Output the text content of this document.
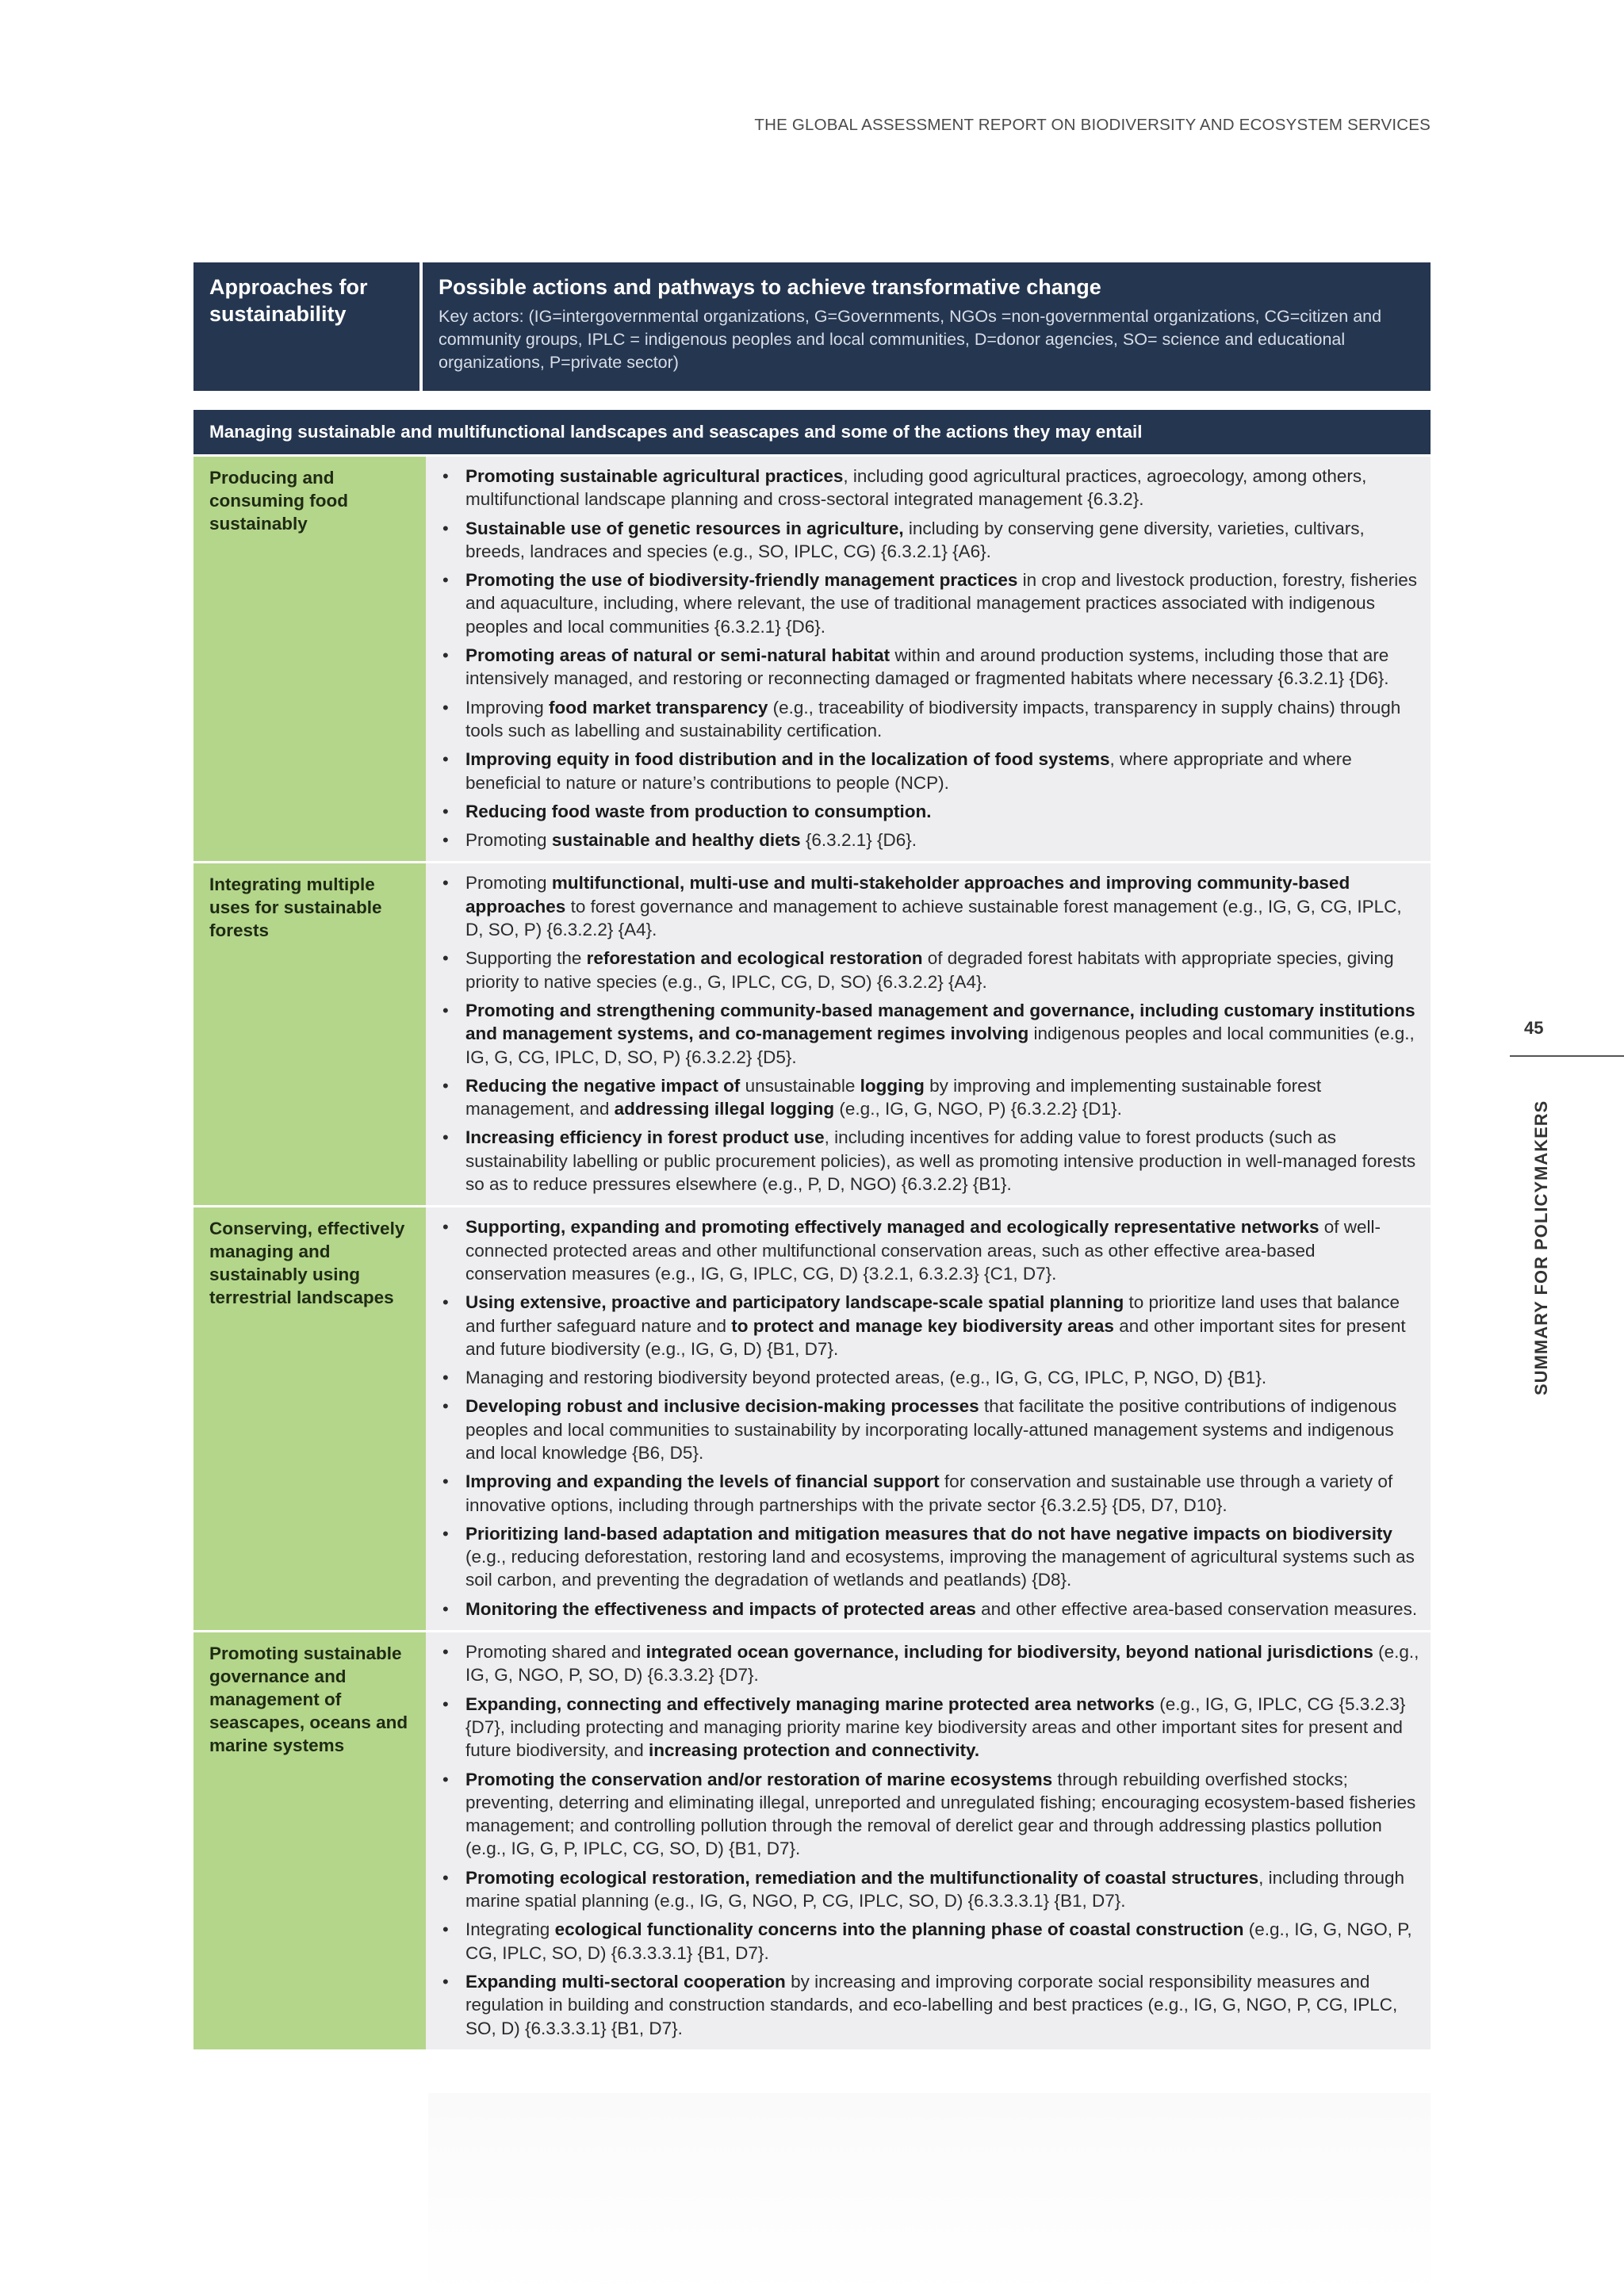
THE GLOBAL ASSESSMENT REPORT ON BIODIVERSITY AND ECOSYSTEM SERVICES
Approaches for sustainability
Possible actions and pathways to achieve transformative change
Key actors: (IG=intergovernmental organizations, G=Governments, NGOs =non-governmental organizations, CG=citizen and community groups, IPLC = indigenous peoples and local communities, D=donor agencies, SO= science and educational organizations, P=private sector)
Managing sustainable and multifunctional landscapes and seascapes and some of the actions they may entail
Producing and consuming food sustainably
• Promoting sustainable agricultural practices, including good agricultural practices, agroecology, among others, multifunctional landscape planning and cross-sectoral integrated management {6.3.2}.
• Sustainable use of genetic resources in agriculture, including by conserving gene diversity, varieties, cultivars, breeds, landraces and species (e.g., SO, IPLC, CG) {6.3.2.1} {A6}.
• Promoting the use of biodiversity-friendly management practices in crop and livestock production, forestry, fisheries and aquaculture, including, where relevant, the use of traditional management practices associated with indigenous peoples and local communities {6.3.2.1} {D6}.
• Promoting areas of natural or semi-natural habitat within and around production systems, including those that are intensively managed, and restoring or reconnecting damaged or fragmented habitats where necessary {6.3.2.1} {D6}.
• Improving food market transparency (e.g., traceability of biodiversity impacts, transparency in supply chains) through tools such as labelling and sustainability certification.
• Improving equity in food distribution and in the localization of food systems, where appropriate and where beneficial to nature or nature’s contributions to people (NCP).
• Reducing food waste from production to consumption.
• Promoting sustainable and healthy diets {6.3.2.1} {D6}.
Integrating multiple uses for sustainable forests
• Promoting multifunctional, multi-use and multi-stakeholder approaches and improving community-based approaches to forest governance and management to achieve sustainable forest management (e.g., IG, G, CG, IPLC, D, SO, P) {6.3.2.2} {A4}.
• Supporting the reforestation and ecological restoration of degraded forest habitats with appropriate species, giving priority to native species (e.g., G, IPLC, CG, D, SO) {6.3.2.2} {A4}.
• Promoting and strengthening community-based management and governance, including customary institutions and management systems, and co-management regimes involving indigenous peoples and local communities (e.g., IG, G, CG, IPLC, D, SO, P) {6.3.2.2} {D5}.
• Reducing the negative impact of unsustainable logging by improving and implementing sustainable forest management, and addressing illegal logging (e.g., IG, G, NGO, P) {6.3.2.2} {D1}.
• Increasing efficiency in forest product use, including incentives for adding value to forest products (such as sustainability labelling or public procurement policies), as well as promoting intensive production in well-managed forests so as to reduce pressures elsewhere (e.g., P, D, NGO) {6.3.2.2} {B1}.
Conserving, effectively managing and sustainably using terrestrial landscapes
• Supporting, expanding and promoting effectively managed and ecologically representative networks of well-connected protected areas and other multifunctional conservation areas, such as other effective area-based conservation measures (e.g., IG, G, IPLC, CG, D) {3.2.1, 6.3.2.3} {C1, D7}.
• Using extensive, proactive and participatory landscape-scale spatial planning to prioritize land uses that balance and further safeguard nature and to protect and manage key biodiversity areas and other important sites for present and future biodiversity (e.g., IG, G, D) {B1, D7}.
• Managing and restoring biodiversity beyond protected areas, (e.g., IG, G, CG, IPLC, P, NGO, D) {B1}.
• Developing robust and inclusive decision-making processes that facilitate the positive contributions of indigenous peoples and local communities to sustainability by incorporating locally-attuned management systems and indigenous and local knowledge {B6, D5}.
• Improving and expanding the levels of financial support for conservation and sustainable use through a variety of innovative options, including through partnerships with the private sector {6.3.2.5} {D5, D7, D10}.
• Prioritizing land-based adaptation and mitigation measures that do not have negative impacts on biodiversity (e.g., reducing deforestation, restoring land and ecosystems, improving the management of agricultural systems such as soil carbon, and preventing the degradation of wetlands and peatlands) {D8}.
• Monitoring the effectiveness and impacts of protected areas and other effective area-based conservation measures.
Promoting sustainable governance and management of seascapes, oceans and marine systems
• Promoting shared and integrated ocean governance, including for biodiversity, beyond national jurisdictions (e.g., IG, G, NGO, P, SO, D) {6.3.3.2} {D7}.
• Expanding, connecting and effectively managing marine protected area networks (e.g., IG, G, IPLC, CG {5.3.2.3} {D7}, including protecting and managing priority marine key biodiversity areas and other important sites for present and future biodiversity, and increasing protection and connectivity.
• Promoting the conservation and/or restoration of marine ecosystems through rebuilding overfished stocks; preventing, deterring and eliminating illegal, unreported and unregulated fishing; encouraging ecosystem-based fisheries management; and controlling pollution through the removal of derelict gear and through addressing plastics pollution (e.g., IG, G, P, IPLC, CG, SO, D) {B1, D7}.
• Promoting ecological restoration, remediation and the multifunctionality of coastal structures, including through marine spatial planning (e.g., IG, G, NGO, P, CG, IPLC, SO, D) {6.3.3.3.1} {B1, D7}.
• Integrating ecological functionality concerns into the planning phase of coastal construction (e.g., IG, G, NGO, P, CG, IPLC, SO, D) {6.3.3.3.1} {B1, D7}.
• Expanding multi-sectoral cooperation by increasing and improving corporate social responsibility measures and regulation in building and construction standards, and eco-labelling and best practices (e.g., IG, G, NGO, P, CG, IPLC, SO, D) {6.3.3.3.1} {B1, D7}.
45
SUMMARY FOR POLICYMAKERS
